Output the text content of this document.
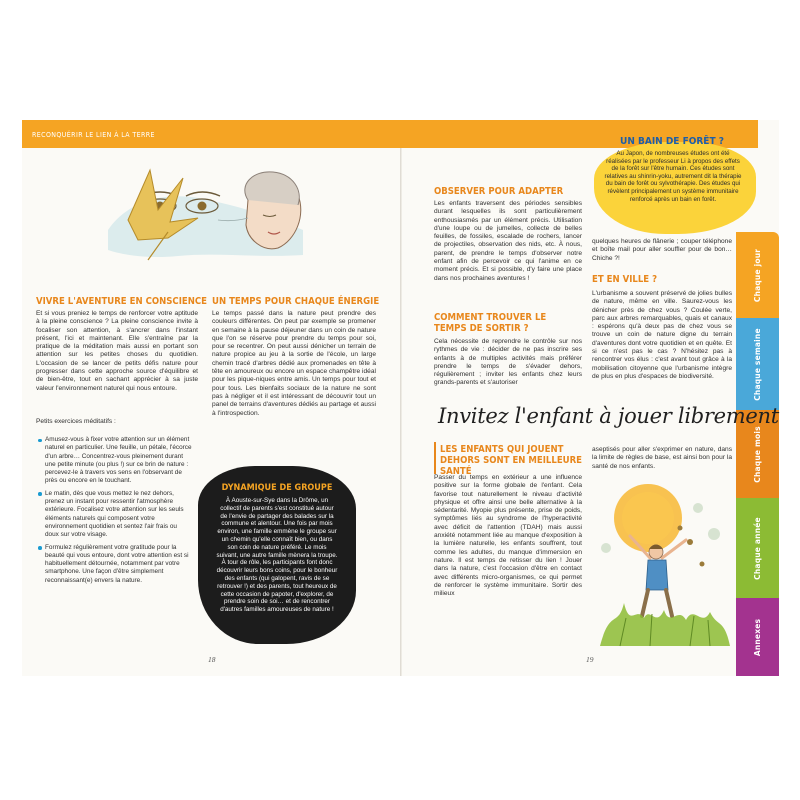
RECONQUÉRIR LE LIEN À LA TERRE
Chaque jour
Chaque semaine
Chaque mois
Chaque année
Annexes
VIVRE L'AVENTURE EN CONSCIENCE
Et si vous preniez le temps de renforcer votre aptitude à la pleine conscience ? La pleine conscience invite à focaliser son attention, à s'ancrer dans l'instant présent, l'ici et maintenant. Elle s'entraîne par la pratique de la méditation mais aussi en portant son attention sur les petites choses du quotidien. L'occasion de se lancer de petits défis nature pour progresser dans cette approche source d'équilibre et de bien-être, tout en sachant apprécier à sa juste valeur l'environnement naturel qui nous entoure.
Petits exercices méditatifs :
Amusez-vous à fixer votre attention sur un élément naturel en particulier. Une feuille, un pétale, l'écorce d'un arbre… Concentrez-vous pleinement durant une petite minute (ou plus !) sur ce brin de nature : percevez-le à travers vos sens en l'observant de près ou encore en le touchant.
Le matin, dès que vous mettez le nez dehors, prenez un instant pour ressentir l'atmosphère extérieure. Focalisez votre attention sur les seuls éléments naturels qui composent votre environnement quotidien et sentez l'air frais ou doux sur votre visage.
Formulez régulièrement votre gratitude pour la beauté qui vous entoure, dont votre attention est si habituellement détournée, notamment par votre smartphone. Une façon d'être simplement reconnaissant(e) envers la nature.
UN TEMPS POUR CHAQUE ÉNERGIE
Le temps passé dans la nature peut prendre des couleurs différentes. On peut par exemple se promener en semaine à la pause déjeuner dans un coin de nature que l'on se réserve pour prendre du temps pour soi, pour se recentrer. On peut aussi dénicher un terrain de nature propice au jeu à la sortie de l'école, un large chemin tracé d'arbres dédié aux promenades en tête à tête en amoureux ou encore un espace champêtre idéal pour les pique-niques entre amis. Un temps pour tout et pour tous. Les bienfaits sociaux de la nature ne sont pas à négliger et il est intéressant de découvrir tout un panel de terrains d'aventures dédiés au partage et aussi à l'introspection.
DYNAMIQUE DE GROUPE
À Aouste-sur-Sye dans la Drôme, un collectif de parents s'est constitué autour de l'envie de partager des balades sur la commune et alentour. Une fois par mois environ, une famille emmène le groupe sur un chemin qu'elle connaît bien, ou dans son coin de nature préféré. Le mois suivant, une autre famille mènera la troupe. À tour de rôle, les participants font donc découvrir leurs bons coins, pour le bonheur des enfants (qui galopent, ravis de se retrouver !) et des parents, tout heureux de cette occasion de papoter, d'explorer, de prendre soin de soi… et de rencontrer d'autres familles amoureuses de nature !
18
OBSERVER POUR ADAPTER
Les enfants traversent des périodes sensibles durant lesquelles ils sont particulièrement enthousiasmés par un élément précis. Utilisation d'une loupe ou de jumelles, collecte de belles feuilles, de fossiles, escalade de rochers, lancer de projectiles, observation des nids, etc. À nous, parent, de prendre le temps d'observer notre enfant afin de percevoir ce qui l'anime en ce moment précis. Et si possible, d'y faire une place dans nos prochaines aventures !
COMMENT TROUVER LE TEMPS DE SORTIR ?
Cela nécessite de reprendre le contrôle sur nos rythmes de vie : décider de ne pas inscrire ses enfants à de multiples activités mais préférer prendre le temps de s'évader dehors, régulièrement ; inviter les enfants chez leurs grands-parents et s'autoriser
UN BAIN DE FORÊT ?
Au Japon, de nombreuses études ont été réalisées par le professeur Li à propos des effets de la forêt sur l'être humain. Ces études sont relatives au shinrin-yoku, autrement dit la thérapie du bain de forêt ou sylvothérapie. Des études qui révèlent principalement un système immunitaire renforcé après un bain en forêt.
quelques heures de flânerie ; couper téléphone et boîte mail pour aller souffler pour de bon… Chiche ?!
ET EN VILLE ?
L'urbanisme a souvent préservé de jolies bulles de nature, même en ville. Saurez-vous les dénicher près de chez vous ? Coulée verte, parc aux arbres remarquables, quais et canaux : espérons qu'à deux pas de chez vous se trouve un coin de nature digne du terrain d'aventures dont votre quotidien et en quête. Et si ce n'est pas le cas ? N'hésitez pas à rencontrer vos élus : c'est avant tout grâce à la mobilisation citoyenne que l'urbanisme intègre de plus en plus d'espaces de biodiversité.
Invitez l'enfant à jouer librement
LES ENFANTS QUI JOUENT DEHORS SONT EN MEILLEURE SANTÉ
Passer du temps en extérieur a une influence positive sur la forme globale de l'enfant. Cela favorise tout naturellement le niveau d'activité physique et offre ainsi une belle alternative à la sédentarité. Myopie plus présente, prise de poids, symptômes liés au syndrome de l'hyperactivité avec déficit de l'attention (TDAH) mais aussi anxiété notamment liée au manque d'exposition à la lumière naturelle, les enfants souffrent, tout comme les adultes, du manque d'immersion en nature. Il est temps de retisser du lien ! Jouer dans la nature, c'est l'occasion d'être en contact avec différents micro-organismes, ce qui permet de renforcer le système immunitaire. Sortir des milieux
aseptisés pour aller s'exprimer en nature, dans la limite de règles de base, est ainsi bon pour la santé de nos enfants.
19
